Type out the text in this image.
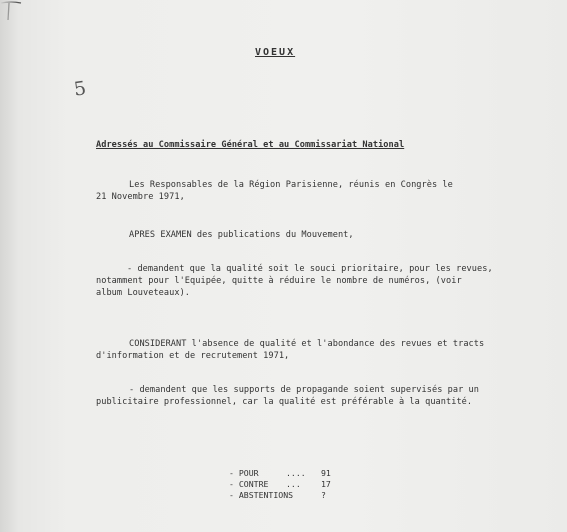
VOEUX
5
Adressés au Commissaire Général et au Commissariat National
Les Responsables de la Région Parisienne, réunis en Congrès le
21 Novembre 1971,
APRES EXAMEN des publications du Mouvement,
- demandent que la qualité soit le souci prioritaire, pour les revues,
notamment pour l'Equipée, quitte à réduire le nombre de numéros, (voir
album Louveteaux).
CONSIDERANT l'absence de qualité et l'abondance des revues et tracts
d'information et de recrutement 1971,
- demandent que les supports de propagande soient supervisés par un
publicitaire professionnel, car la qualité est préférable à la quantité.
- POUR	.... 91
- CONTRE ... 17
- ABSTENTIONS	?
